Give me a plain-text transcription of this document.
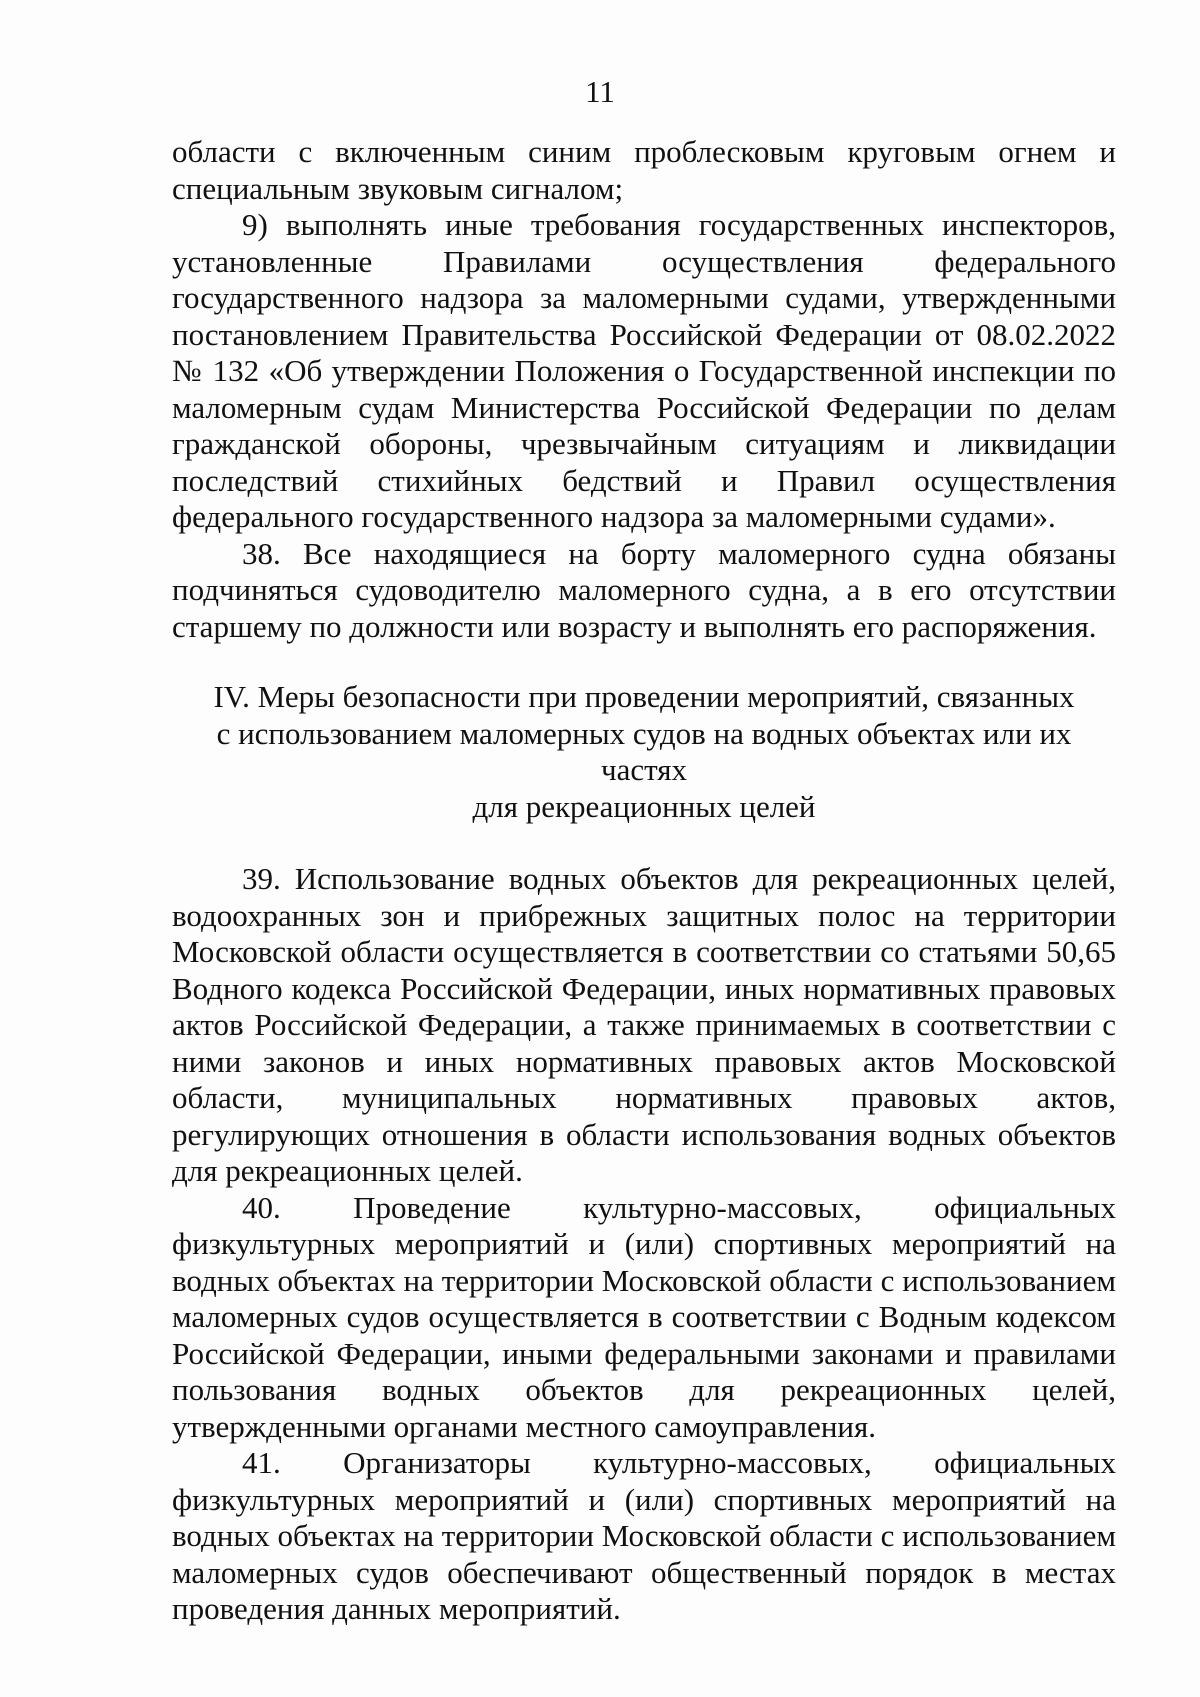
11

области с включенным синим проблесковым круговым огнем и специальным звуковым сигналом;

9) выполнять иные требования государственных инспекторов, установленные Правилами осуществления федерального государственного надзора за маломерными судами, утвержденными постановлением Правительства Российской Федерации от 08.02.2022 № 132 «Об утверждении Положения о Государственной инспекции по маломерным судам Министерства Российской Федерации по делам гражданской обороны, чрезвычайным ситуациям и ликвидации последствий стихийных бедствий и Правил осуществления федерального государственного надзора за маломерными судами».

38. Все находящиеся на борту маломерного судна обязаны подчиняться судоводителю маломерного судна, а в его отсутствии старшему по должности или возрасту и выполнять его распоряжения.

IV. Меры безопасности при проведении мероприятий, связанных
с использованием маломерных судов на водных объектах или их частях
для рекреационных целей

39. Использование водных объектов для рекреационных целей, водоохранных зон и прибрежных защитных полос на территории Московской области осуществляется в соответствии со статьями 50,65 Водного кодекса Российской Федерации, иных нормативных правовых актов Российской Федерации, а также принимаемых в соответствии с ними законов и иных нормативных правовых актов Московской области, муниципальных нормативных правовых актов, регулирующих отношения в области использования водных объектов для рекреационных целей.

40. Проведение культурно-массовых, официальных физкультурных мероприятий и (или) спортивных мероприятий на водных объектах на территории Московской области с использованием маломерных судов осуществляется в соответствии с Водным кодексом Российской Федерации, иными федеральными законами и правилами пользования водных объектов для рекреационных целей, утвержденными органами местного самоуправления.

41. Организаторы культурно-массовых, официальных физкультурных мероприятий и (или) спортивных мероприятий на водных объектах на территории Московской области с использованием маломерных судов обеспечивают общественный порядок в местах проведения данных мероприятий.
